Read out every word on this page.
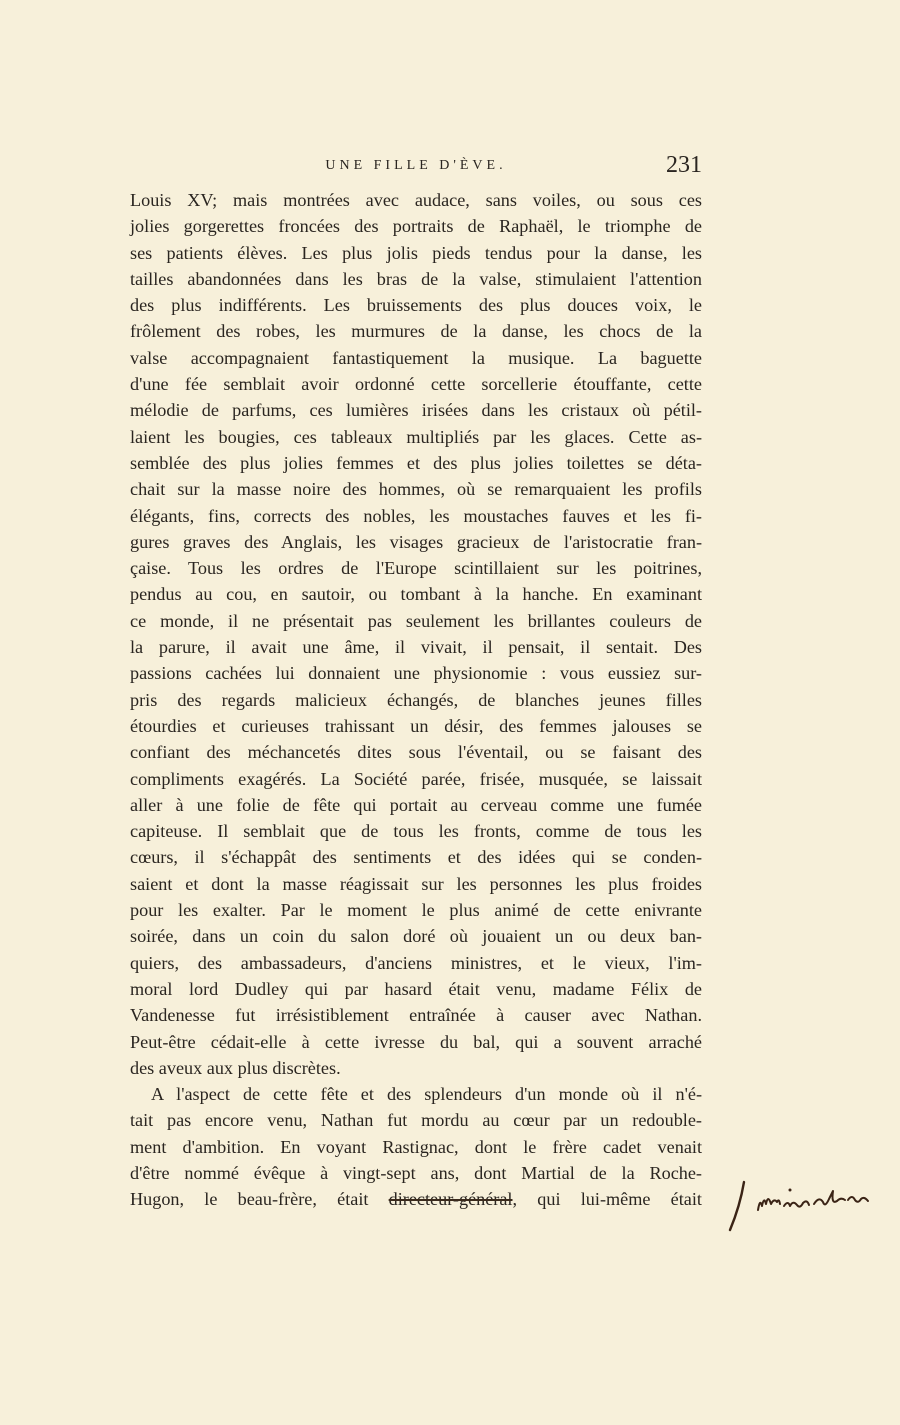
UNE FILLE D'ÈVE.	231

Louis XV; mais montrées avec audace, sans voiles, ou sous ces

jolies gorgerettes froncées des portraits de Raphaël, le triomphe de

ses patients élèves. Les plus jolis pieds tendus pour la danse, les

tailles abandonnées dans les bras de la valse, stimulaient l'attention

des plus indifférents. Les bruissements des plus douces voix, le

frôlement des robes, les murmures de la danse, les chocs de la

valse accompagnaient fantastiquement la musique. La baguette

d'une fée semblait avoir ordonné cette sorcellerie étouffante, cette

mélodie de parfums, ces lumières irisées dans les cristaux où pétil-

laient les bougies, ces tableaux multipliés par les glaces. Cette as-

semblée des plus jolies femmes et des plus jolies toilettes se déta-

chait sur la masse noire des hommes, où se remarquaient les profils

élégants, fins, corrects des nobles, les moustaches fauves et les fi-

gures graves des Anglais, les visages gracieux de l'aristocratie fran-

çaise. Tous les ordres de l'Europe scintillaient sur les poitrines,

pendus au cou, en sautoir, ou tombant à la hanche. En examinant

ce monde, il ne présentait pas seulement les brillantes couleurs de

la parure, il avait une âme, il vivait, il pensait, il sentait. Des

passions cachées lui donnaient une physionomie : vous eussiez sur-

pris des regards malicieux échangés, de blanches jeunes filles

étourdies et curieuses trahissant un désir, des femmes jalouses se

confiant des méchancetés dites sous l'éventail, ou se faisant des

compliments exagérés. La Société parée, frisée, musquée, se laissait

aller à une folie de fête qui portait au cerveau comme une fumée

capiteuse. Il semblait que de tous les fronts, comme de tous les

cœurs, il s'échappât des sentiments et des idées qui se conden-

saient et dont la masse réagissait sur les personnes les plus froides

pour les exalter. Par le moment le plus animé de cette enivrante

soirée, dans un coin du salon doré où jouaient un ou deux ban-

quiers, des ambassadeurs, d'anciens ministres, et le vieux, l'im-

moral lord Dudley qui par hasard était venu, madame Félix de

Vandenesse fut irrésistiblement entraînée à causer avec Nathan.

Peut-être cédait-elle à cette ivresse du bal, qui a souvent arraché

des aveux aux plus discrètes.

A l'aspect de cette fête et des splendeurs d'un monde où il n'é-

tait pas encore venu, Nathan fut mordu au cœur par un redouble-

ment d'ambition. En voyant Rastignac, dont le frère cadet venait

d'être nommé évêque à vingt-sept ans, dont Martial de la Roche-

Hugon, le beau-frère, était directeur-général, qui lui-même était
